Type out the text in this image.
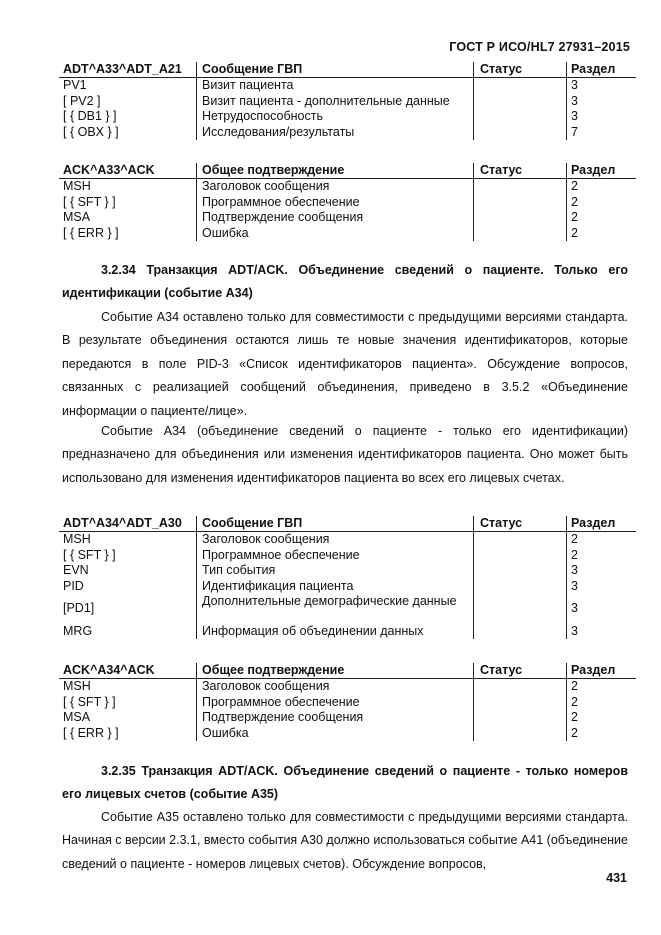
ГОСТ Р ИСО/HL7 27931–2015
ADT^A33^ADT_A21 Сообщение ГВП	Статус	Раздел
PV1	Визит пациента	3
[ PV2 ]	Визит пациента - дополнительные данные	3
[ { DB1 } ]	Нетрудоспособность	3
[ { OBX } ]	Исследования/результаты	7
ACK^A33^ACK	Общее подтверждение	Статус	Раздел
MSH	Заголовок сообщения	2
[ { SFT } ]	Программное обеспечение	2
MSA	Подтверждение сообщения	2
[ { ERR } ]	Ошибка	2

3.2.34 Транзакция ADT/ACK. Объединение сведений о пациенте. Только его идентификации (событие A34)

Событие A34 оставлено только для совместимости с предыдущими версиями стандарта. В результате объединения остаются лишь те новые значения идентификаторов, которые передаются в поле PID-3 «Список идентификаторов пациента». Обсуждение вопросов, связанных с реализацией сообщений объединения, приведено в 3.5.2 «Объединение информации о пациенте/лице».

Событие A34 (объединение сведений о пациенте - только его идентификации) предназначено для объединения или изменения идентификаторов пациента. Оно может быть использовано для изменения идентификаторов пациента во всех его лицевых счетах.

ADT^A34^ADT_A30 Сообщение ГВП	Статус	Раздел
MSH	Заголовок сообщения	2
[ { SFT } ]	Программное обеспечение	2
EVN	Тип события	3
PID	Идентификация пациента	3
[PD1]	Дополнительные демографические данные	3
MRG	Информация об объединении данных	3
ACK^A34^ACK	Общее подтверждение	Статус	Раздел
MSH	Заголовок сообщения	2
[ { SFT } ]	Программное обеспечение	2
MSA	Подтверждение сообщения	2
[ { ERR } ]	Ошибка	2

3.2.35 Транзакция ADT/ACK. Объединение сведений о пациенте - только номеров его лицевых счетов (событие A35)

Событие A35 оставлено только для совместимости с предыдущими версиями стандарта. Начиная с версии 2.3.1, вместо события A30 должно использоваться событие A41 (объединение сведений о пациенте - номеров лицевых счетов). Обсуждение вопросов,

431
